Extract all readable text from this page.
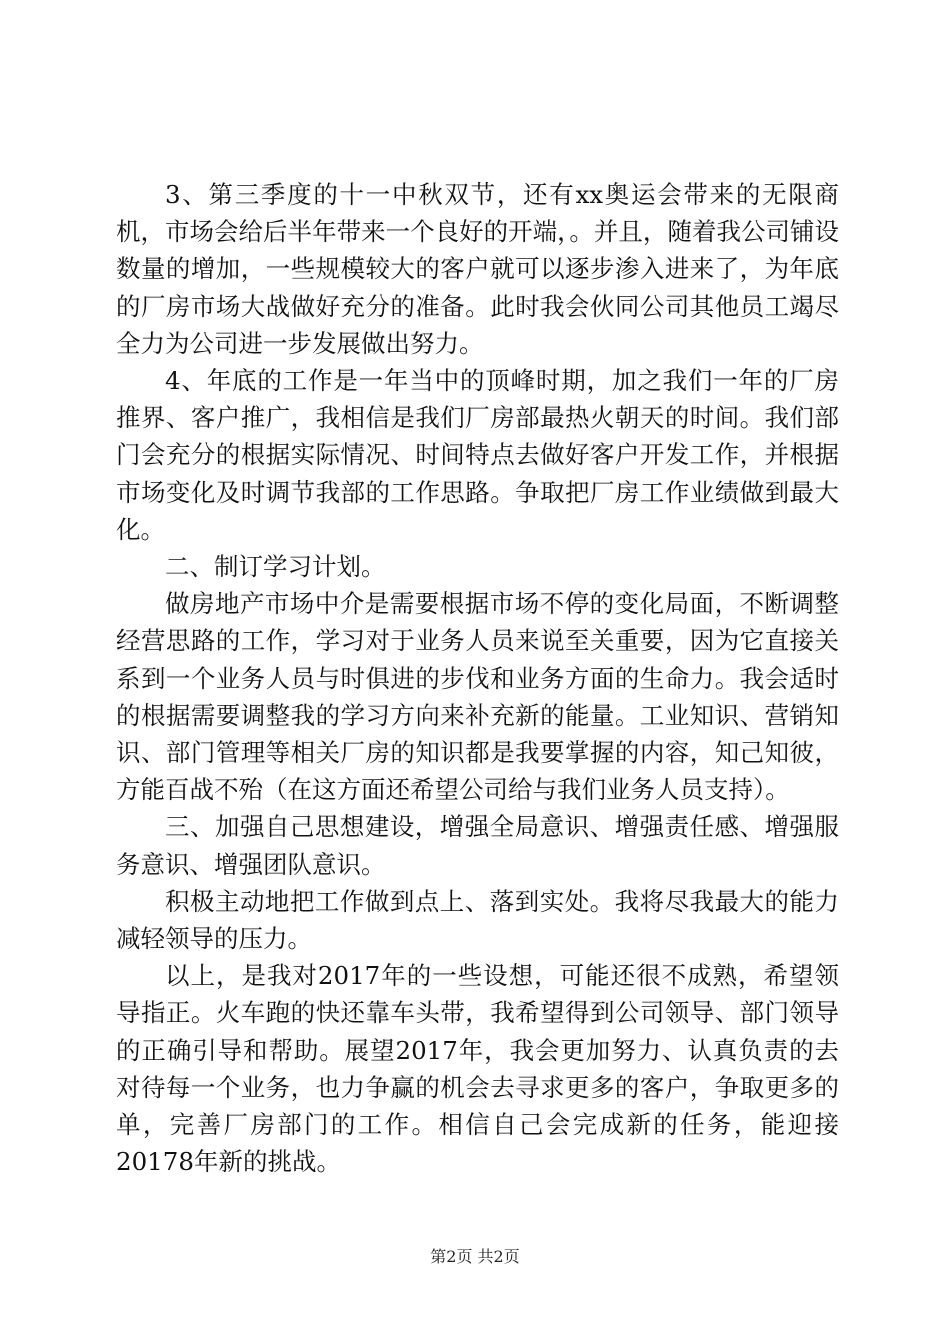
3、第三季度的十一中秋双节，还有xx奥运会带来的无限商机，市场会给后半年带来一个良好的开端，。并且，随着我公司铺设数量的增加，一些规模较大的客户就可以逐步渗入进来了，为年底的厂房市场大战做好充分的准备。此时我会伙同公司其他员工竭尽全力为公司进一步发展做出努力。

4、年底的工作是一年当中的顶峰时期，加之我们一年的厂房推界、客户推广，我相信是我们厂房部最热火朝天的时间。我们部门会充分的根据实际情况、时间特点去做好客户开发工作，并根据市场变化及时调节我部的工作思路。争取把厂房工作业绩做到最大化。

二、制订学习计划。

做房地产市场中介是需要根据市场不停的变化局面，不断调整经营思路的工作，学习对于业务人员来说至关重要，因为它直接关系到一个业务人员与时俱进的步伐和业务方面的生命力。我会适时的根据需要调整我的学习方向来补充新的能量。工业知识、营销知识、部门管理等相关厂房的知识都是我要掌握的内容，知己知彼，方能百战不殆（在这方面还希望公司给与我们业务人员支持）。

三、加强自己思想建设，增强全局意识、增强责任感、增强服务意识、增强团队意识。

积极主动地把工作做到点上、落到实处。我将尽我最大的能力减轻领导的压力。

以上，是我对2017年的一些设想，可能还很不成熟，希望领导指正。火车跑的快还靠车头带，我希望得到公司领导、部门领导的正确引导和帮助。展望2017年，我会更加努力、认真负责的去对待每一个业务，也力争赢的机会去寻求更多的客户，争取更多的单，完善厂房部门的工作。相信自己会完成新的任务，能迎接20178年新的挑战。

第2页 共2页
